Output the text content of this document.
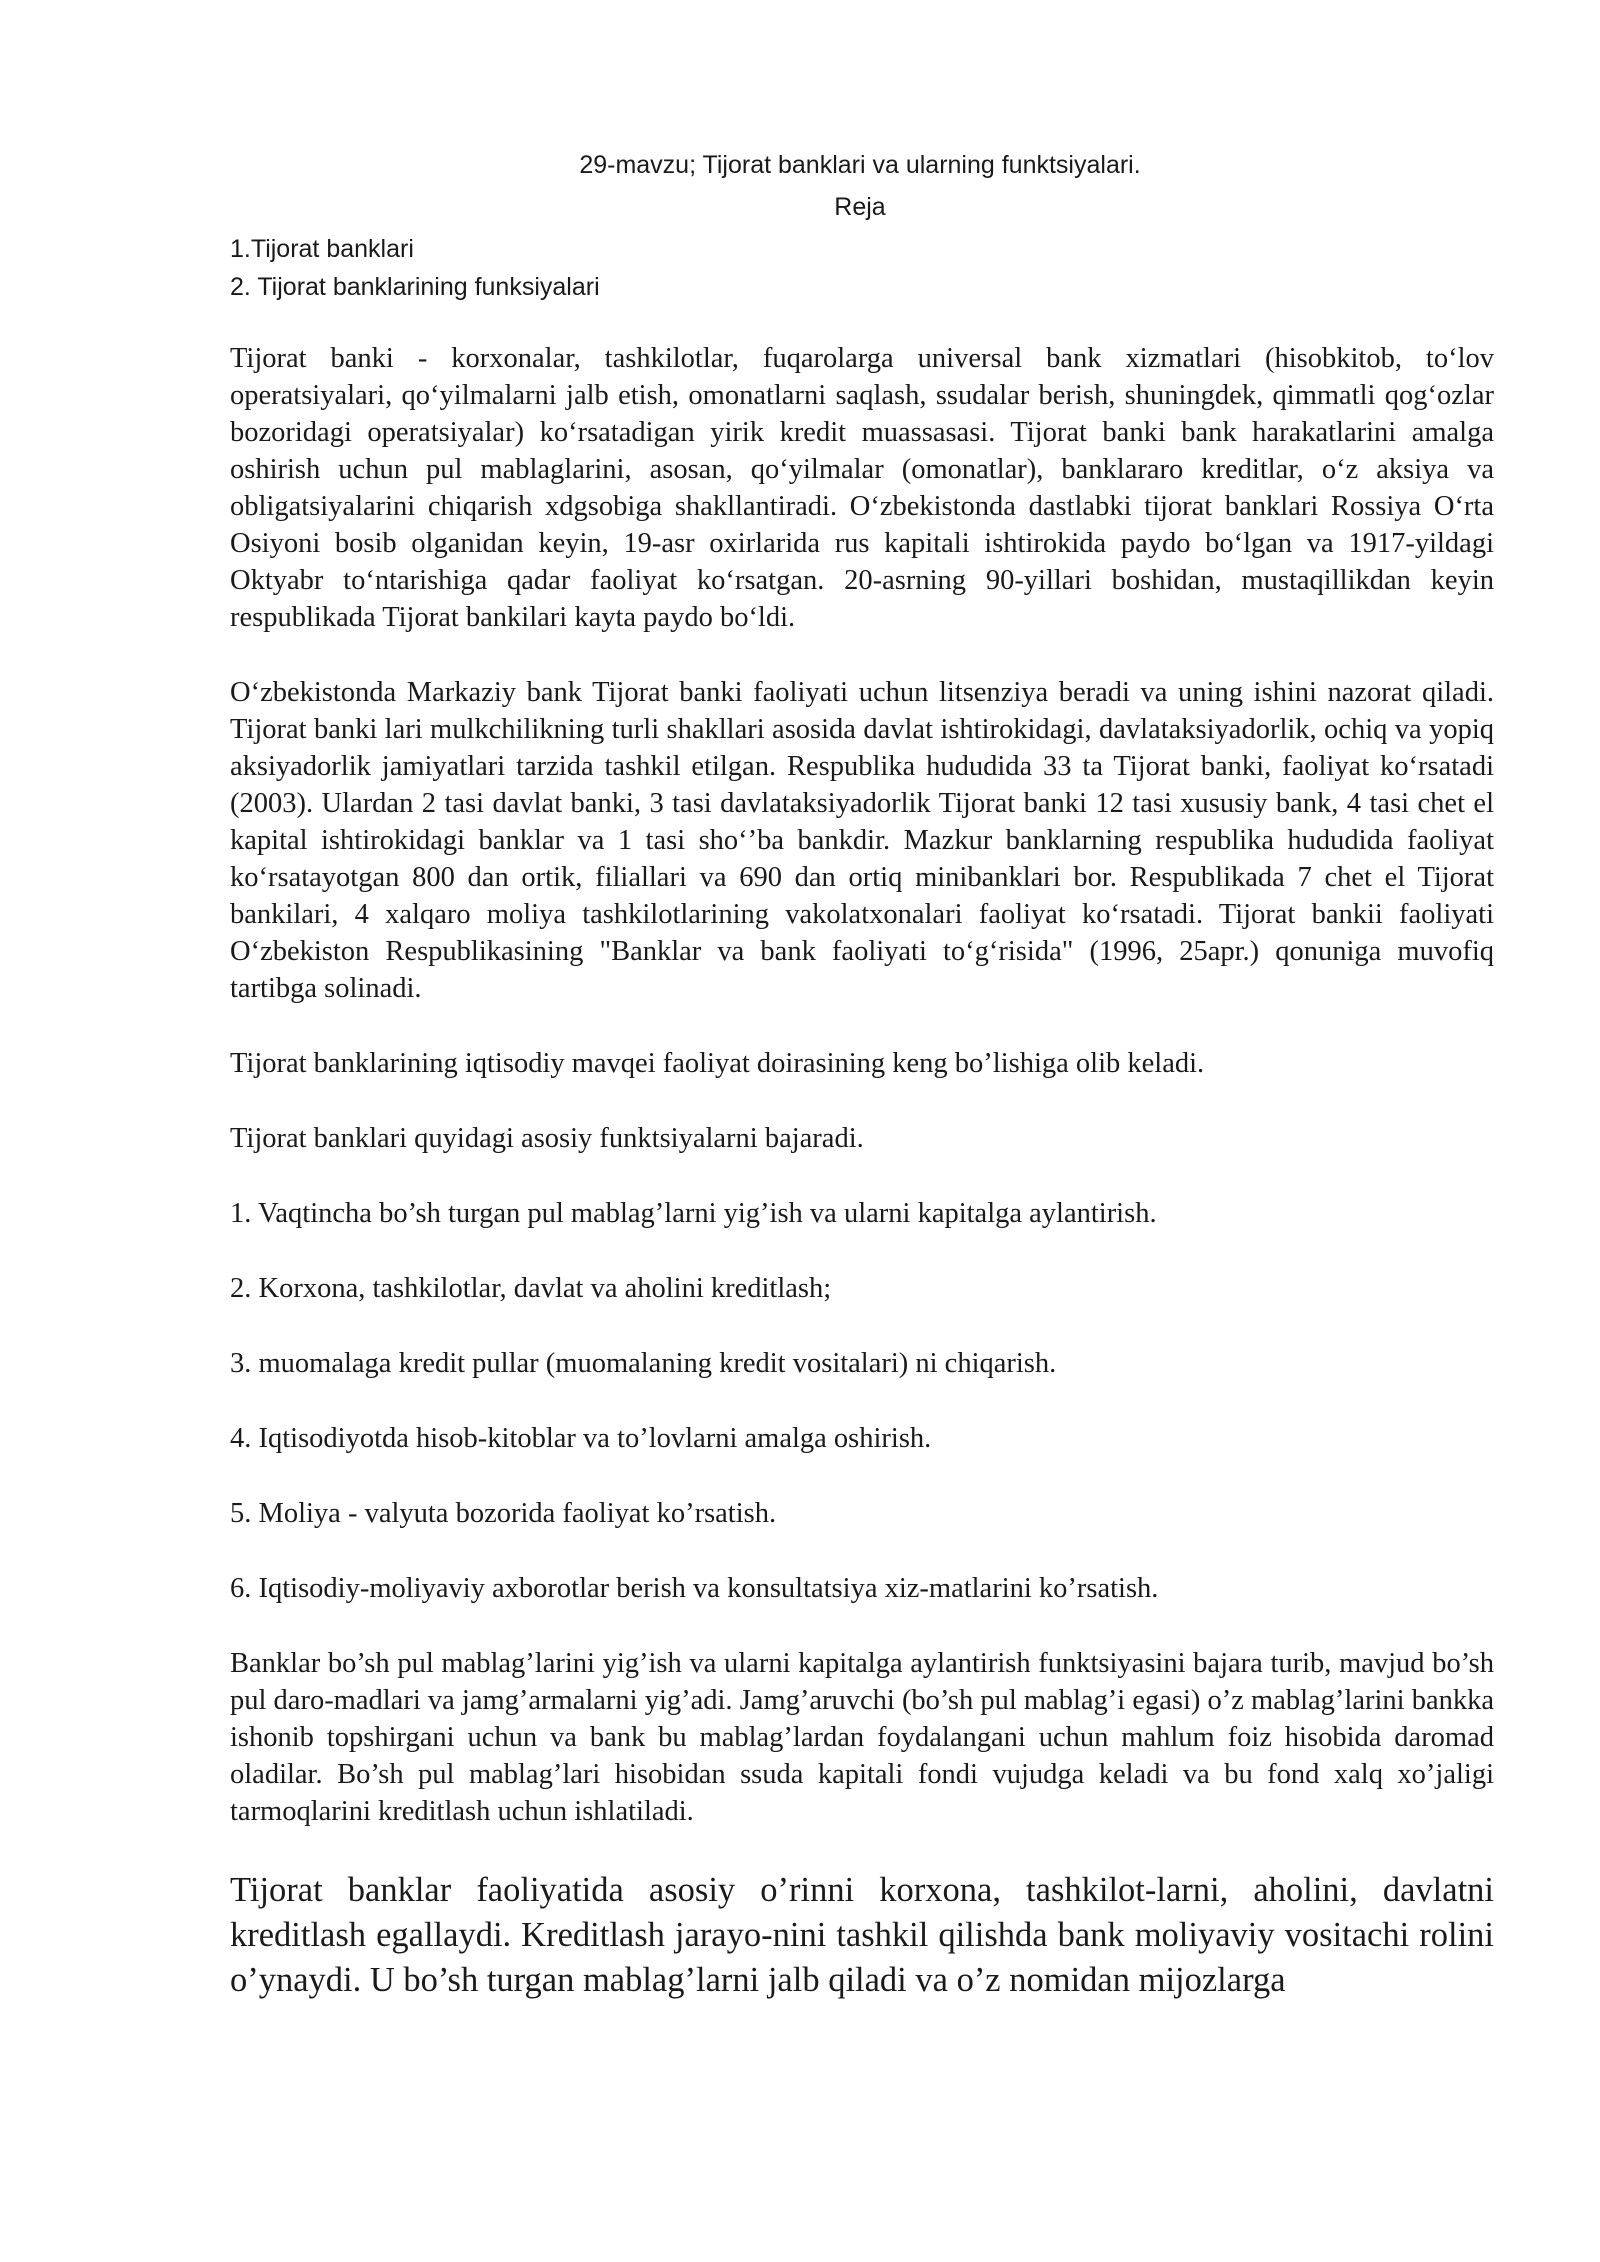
29-mavzu; Tijorat banklari va ularning funktsiyalari.
Reja
1.Tijorat banklari
2. Tijorat banklarining funksiyalari

Tijorat banki - korxonalar, tashkilotlar, fuqarolarga universal bank xizmatlari (hisobkitob, to‘lov operatsiyalari, qo‘yilmalarni jalb etish, omonatlarni saqlash, ssudalar berish, shuningdek, qimmatli qog‘ozlar bozoridagi operatsiyalar) ko‘rsatadigan yirik kredit muassasasi. Tijorat banki bank harakatlarini amalga oshirish uchun pul mablaglarini, asosan, qo‘yilmalar (omonatlar), banklararo kreditlar, o‘z aksiya va obligatsiyalarini chiqarish xdgsobiga shakllantiradi. O‘zbekistonda dastlabki tijorat banklari Rossiya O‘rta Osiyoni bosib olganidan keyin, 19-asr oxirlarida rus kapitali ishtirokida paydo bo‘lgan va 1917-yildagi Oktyabr to‘ntarishiga qadar faoliyat ko‘rsatgan. 20-asrning 90-yillari boshidan, mustaqillikdan keyin respublikada Tijorat bankilari kayta paydo bo‘ldi.

O‘zbekistonda Markaziy bank Tijorat banki faoliyati uchun litsenziya beradi va uning ishini nazorat qiladi. Tijorat banki lari mulkchilikning turli shakllari asosida davlat ishtirokidagi, davlataksiyadorlik, ochiq va yopiq aksiyadorlik jamiyatlari tarzida tashkil etilgan. Respublika hududida 33 ta Tijorat banki, faoliyat ko‘rsatadi (2003). Ulardan 2 tasi davlat banki, 3 tasi davlataksiyadorlik Tijorat banki 12 tasi xususiy bank, 4 tasi chet el kapital ishtirokidagi banklar va 1 tasi sho‘’ba bankdir. Mazkur banklarning respublika hududida faoliyat ko‘rsatayotgan 800 dan ortik, filiallari va 690 dan ortiq minibanklari bor. Respublikada 7 chet el Tijorat bankilari, 4 xalqaro moliya tashkilotlarining vakolatxonalari faoliyat ko‘rsatadi. Tijorat bankii faoliyati O‘zbekiston Respublikasining "Banklar va bank faoliyati to‘g‘risida" (1996, 25apr.) qonuniga muvofiq tartibga solinadi.

Tijorat banklarining iqtisodiy mavqei faoliyat doirasining keng bo’lishiga olib keladi.

Tijorat banklari quyidagi asosiy funktsiyalarni bajaradi.

1. Vaqtincha bo’sh turgan pul mablag’larni yig’ish va ularni kapitalga aylantirish.

2. Korxona, tashkilotlar, davlat va aholini kreditlash;

3. muomalaga kredit pullar (muomalaning kredit vositalari) ni chiqarish.

4. Iqtisodiyotda hisob-kitoblar va to’lovlarni amalga oshirish.

5. Moliya - valyuta bozorida faoliyat ko’rsatish.

6. Iqtisodiy-moliyaviy axborotlar berish va konsultatsiya xiz-matlarini ko’rsatish.

Banklar bo’sh pul mablag’larini yig’ish va ularni kapitalga aylantirish funktsiyasini bajara turib, mavjud bo’sh pul daro-madlari va jamg’armalarni yig’adi. Jamg’aruvchi (bo’sh pul mablag’i egasi) o’z mablag’larini bankka ishonib topshirgani uchun va bank bu mablag’lardan foydalangani uchun mahlum foiz hisobida daromad oladilar. Bo’sh pul mablag’lari hisobidan ssuda kapitali fondi vujudga keladi va bu fond xalq xo’jaligi tarmoqlarini kreditlash uchun ishlatiladi.

Tijorat banklar faoliyatida asosiy o’rinni korxona, tashkilot-larni, aholini, davlatni kreditlash egallaydi. Kreditlash jarayo-nini tashkil qilishda bank moliyaviy vositachi rolini o’ynaydi. U bo’sh turgan mablag’larni jalb qiladi va o’z nomidan mijozlarga
